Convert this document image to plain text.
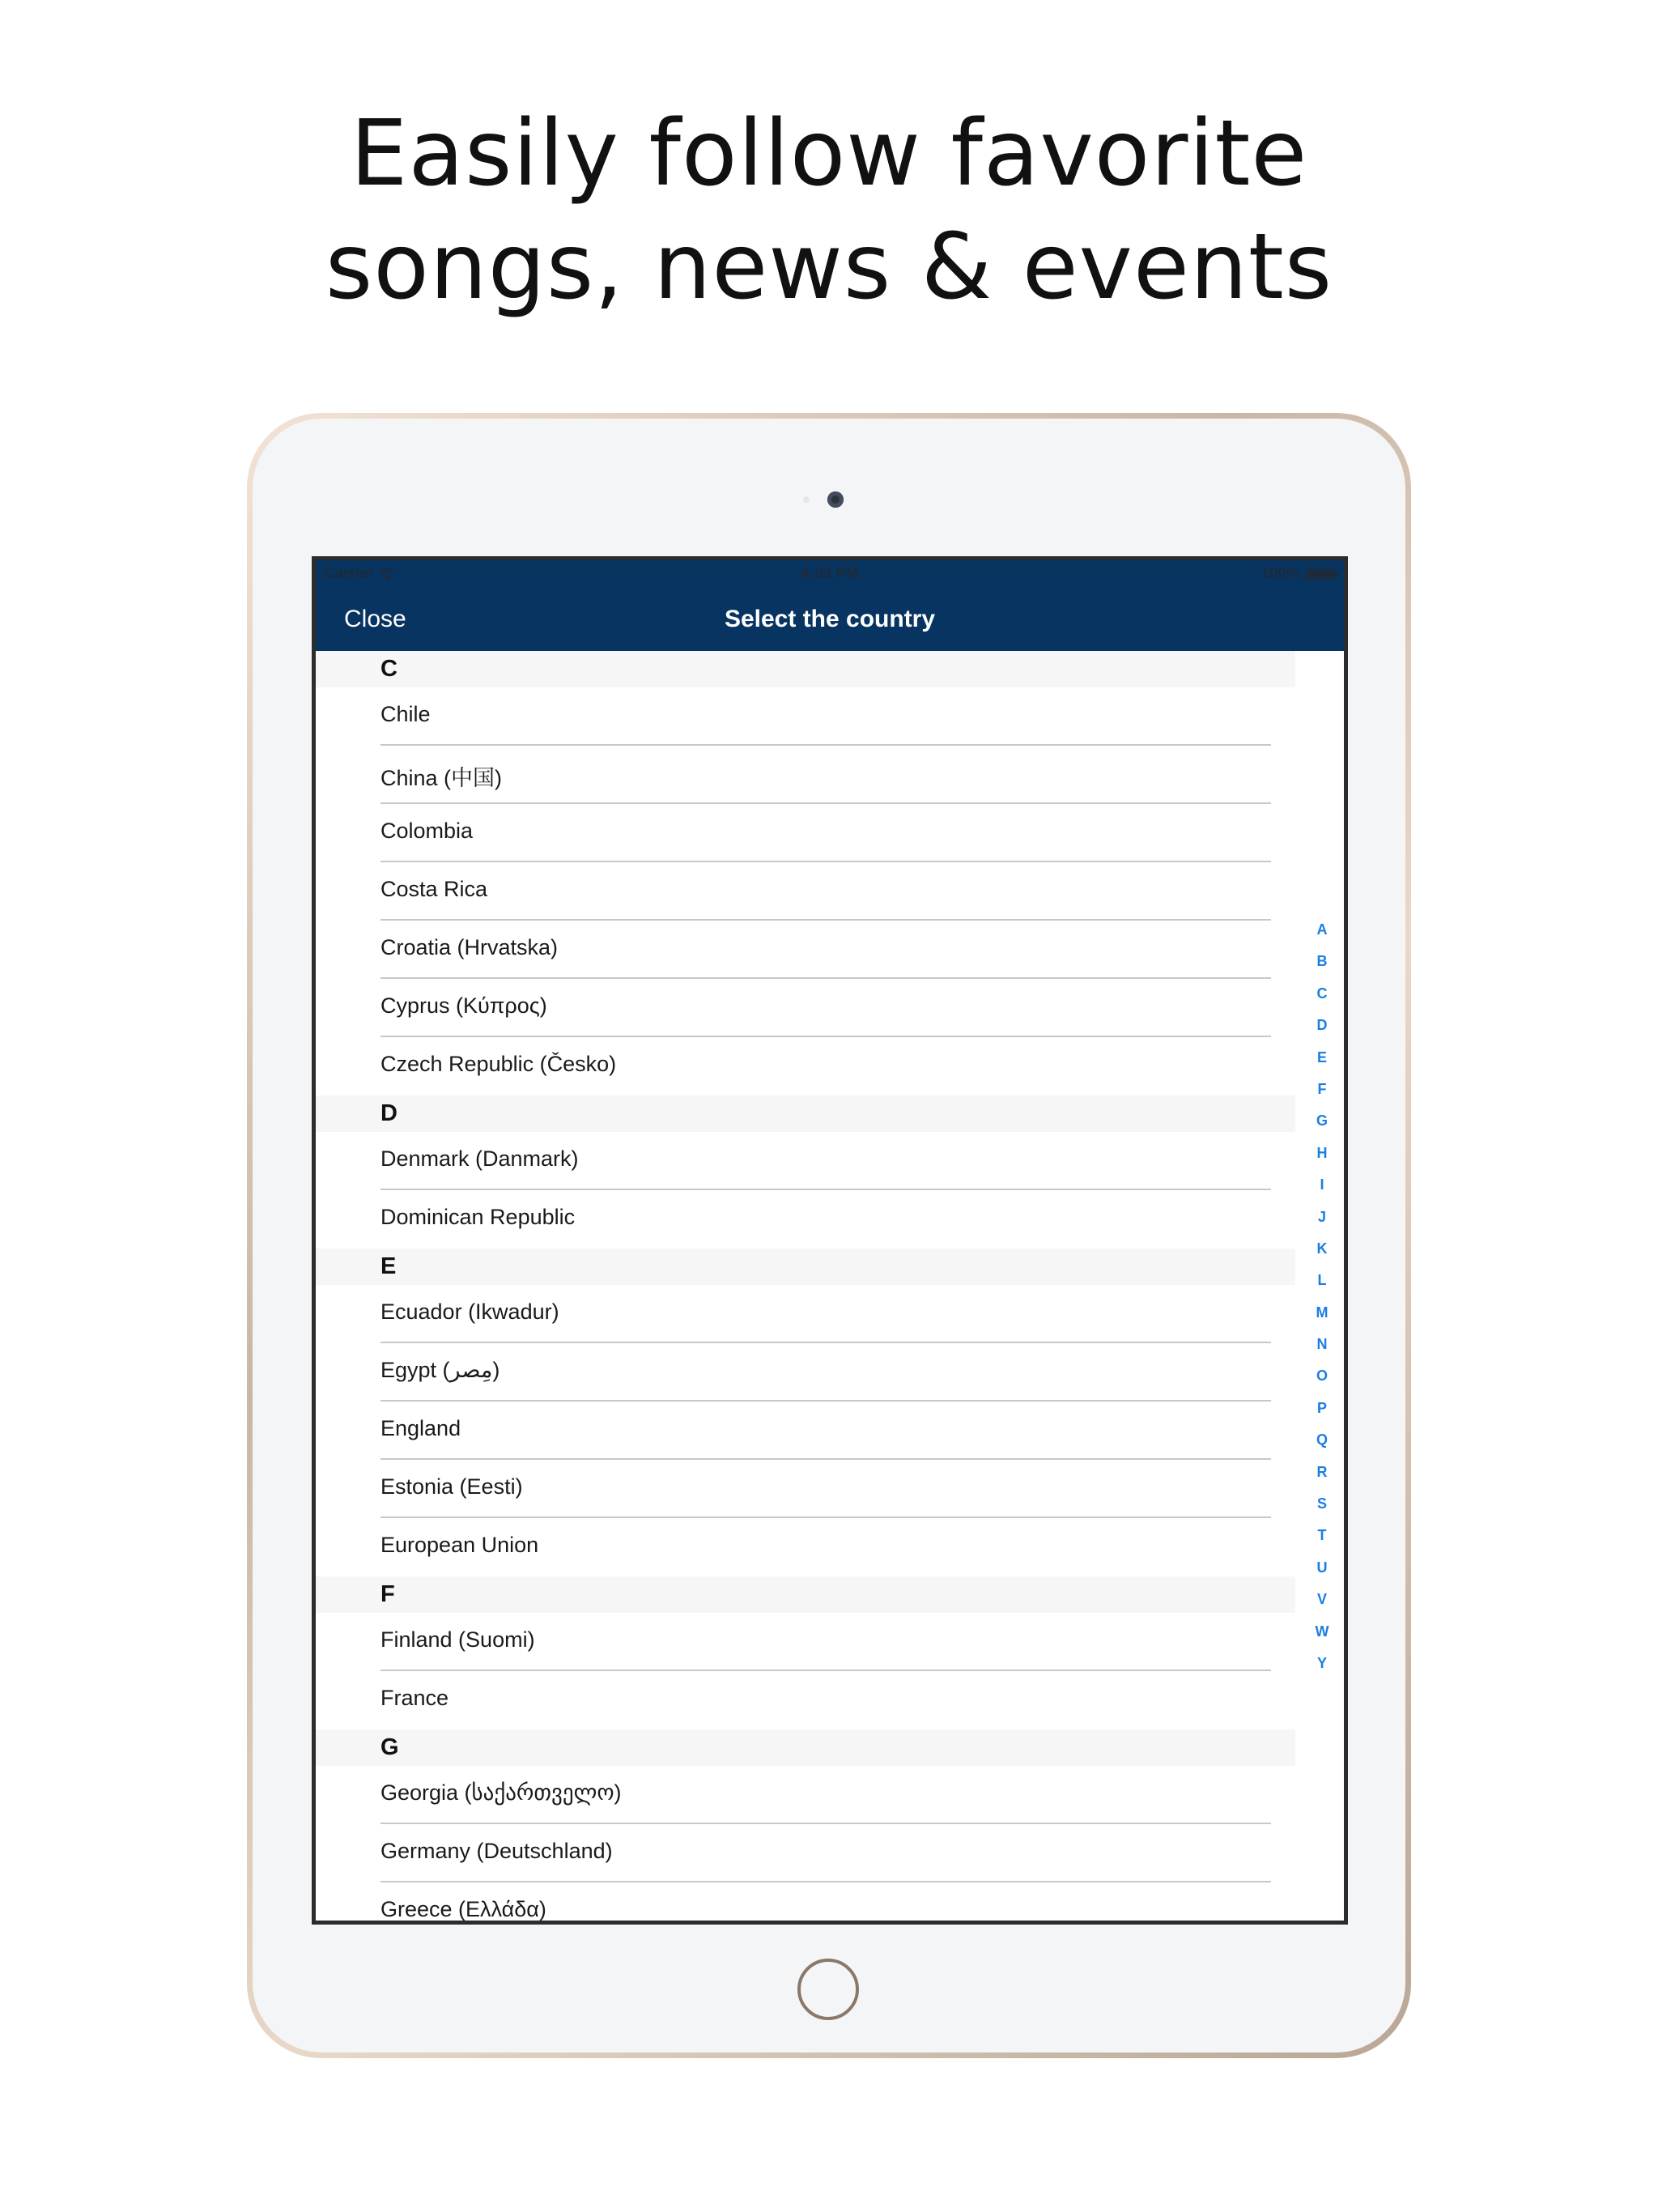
Easily follow favorite
songs, news & events
Carrier	4:03 PM	100%
Close	Select the country
C
Chile
China (中国)
Colombia
Costa Rica
Croatia (Hrvatska)
Cyprus (Κύπρος)
Czech Republic (Česko)
D
Denmark (Danmark)
Dominican Republic
E
Ecuador (Ikwadur)
Egypt (مِصر)
England
Estonia (Eesti)
European Union
F
Finland (Suomi)
France
G
Georgia (საქართველო)
Germany (Deutschland)
Greece (Ελλάδα)
A
B
C
D
E
F
G
H
I
J
K
L
M
N
O
P
Q
R
S
T
U
V
W
Y
